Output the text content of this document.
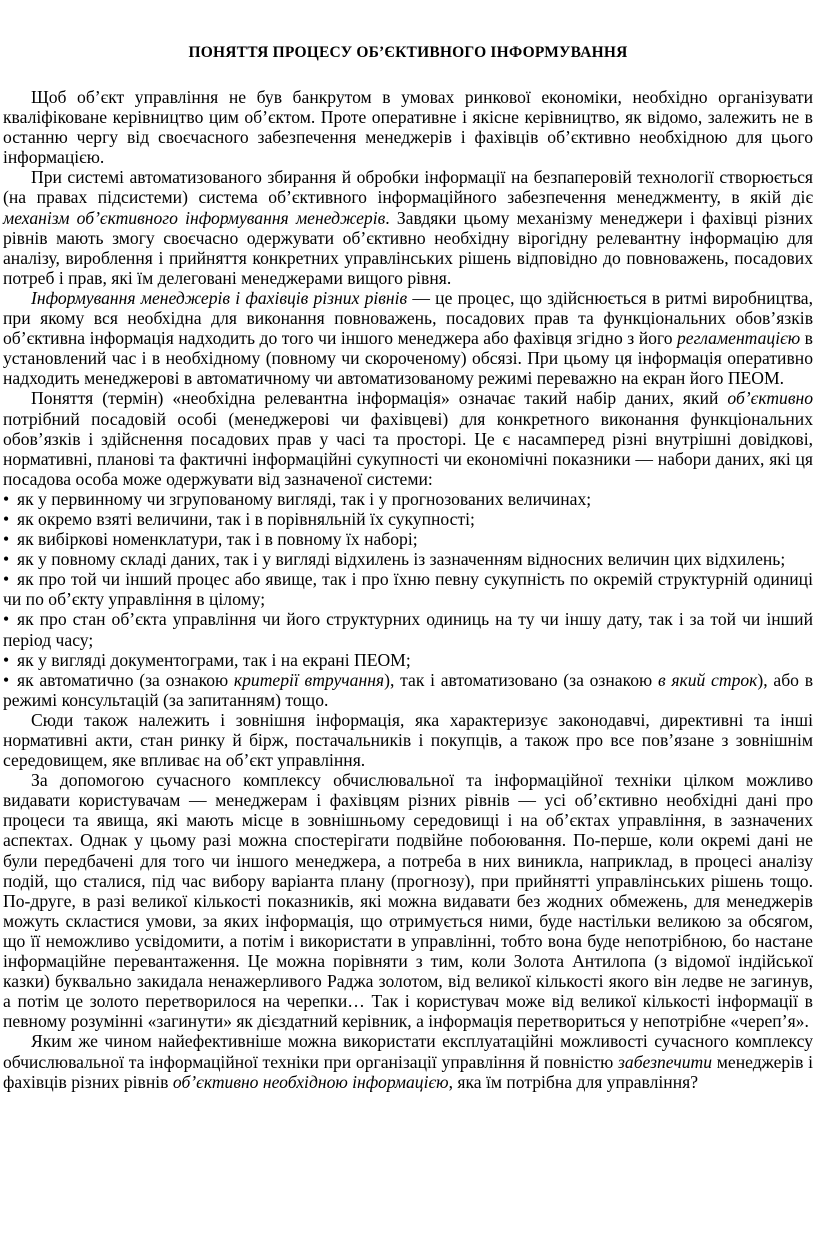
ПОНЯТТЯ ПРОЦЕСУ ОБ’ЄКТИВНОГО ІНФОРМУВАННЯ

Щоб об’єкт управління не був банкрутом в умовах ринкової економіки, необхідно організувати кваліфіковане керівництво цим об’єктом. Проте оперативне і якісне керівництво, як відомо, залежить не в останню чергу від своєчасного забезпечення менеджерів і фахівців об’єктивно необхідною для цього інформацією.

При системі автоматизованого збирання й обробки інформації на безпаперовій технології створюється (на правах підсистеми) система об’єктивного інформаційного забезпечення менеджменту, в якій діє механізм об’єктивного інформування менеджерів. Завдяки цьому механізму менеджери і фахівці різних рівнів мають змогу своєчасно одержувати об’єктивно необхідну вірогідну релевантну інформацію для аналізу, вироблення і прийняття конкретних управлінських рішень відповідно до повноважень, посадових потреб і прав, які їм делеговані менеджерами вищого рівня.

Інформування менеджерів і фахівців різних рівнів — це процес, що здійснюється в ритмі виробництва, при якому вся необхідна для виконання повноважень, посадових прав та функціональних обов’язків об’єктивна інформація надходить до того чи іншого менеджера або фахівця згідно з його регламентацією в установлений час і в необхідному (повному чи скороченому) обсязі. При цьому ця інформація оперативно надходить менеджерові в автоматичному чи автоматизованому режимі переважно на екран його ПЕОМ.

Поняття (термін) «необхідна релевантна інформація» означає такий набір даних, який об’єктивно потрібний посадовій особі (менеджерові чи фахівцеві) для конкретного виконання функціональних обов’язків і здійснення посадових прав у часі та просторі. Це є насамперед різні внутрішні довідкові, нормативні, планові та фактичні інформаційні сукупності чи економічні показники — набори даних, які ця посадова особа може одержувати від зазначеної системи:

• як у первинному чи згрупованому вигляді, так і у прогнозованих величинах;

• як окремо взяті величини, так і в порівняльній їх сукупності;

• як вибіркові номенклатури, так і в повному їх наборі;

• як у повному складі даних, так і у вигляді відхилень із зазначенням відносних величин цих відхилень;

• як про той чи інший процес або явище, так і про їхню певну сукупність по окремій структурній одиниці чи по об’єкту управління в цілому;

• як про стан об’єкта управління чи його структурних одиниць на ту чи іншу дату, так і за той чи інший період часу;

• як у вигляді документограми, так і на екрані ПЕОМ;

• як автоматично (за ознакою критерії втручання), так і автоматизовано (за ознакою в який строк), або в режимі консультацій (за запитанням) тощо.

Сюди також належить і зовнішня інформація, яка характеризує законодавчі, директивні та інші нормативні акти, стан ринку й бірж, постачальників і покупців, а також про все пов’язане з зовнішнім середовищем, яке впливає на об’єкт управління.

За допомогою сучасного комплексу обчислювальної та інформаційної техніки цілком можливо видавати користувачам — менеджерам і фахівцям різних рівнів — усі об’єктивно необхідні дані про процеси та явища, які мають місце в зовнішньому середовищі і на об’єктах управління, в зазначених аспектах. Однак у цьому разі можна спостерігати подвійне побоювання. По-перше, коли окремі дані не були передбачені для того чи іншого менеджера, а потреба в них виникла, наприклад, в процесі аналізу подій, що сталися, під час вибору варіанта плану (прогнозу), при прийнятті управлінських рішень тощо. По-друге, в разі великої кількості показників, які можна видавати без жодних обмежень, для менеджерів можуть скластися умови, за яких інформація, що отримується ними, буде настільки великою за обсягом, що її неможливо усвідомити, а потім і використати в управлінні, тобто вона буде непотрібною, бо настане інформаційне перевантаження. Це можна порівняти з тим, коли Золота Антилопа (з відомої індійської казки) буквально закидала ненажерливого Раджа золотом, від великої кількості якого він ледве не загинув, а потім це золото перетворилося на черепки… Так і користувач може від великої кількості інформації в певному розумінні «загинути» як дієздатний керівник, а інформація перетвориться у непотрібне «череп’я».

Яким же чином найефективніше можна використати експлуатаційні можливості сучасного комплексу обчислювальної та інформаційної техніки при організації управління й повністю забезпечити менеджерів і фахівців різних рівнів об’єктивно необхідною інформацією, яка їм потрібна для управління?
